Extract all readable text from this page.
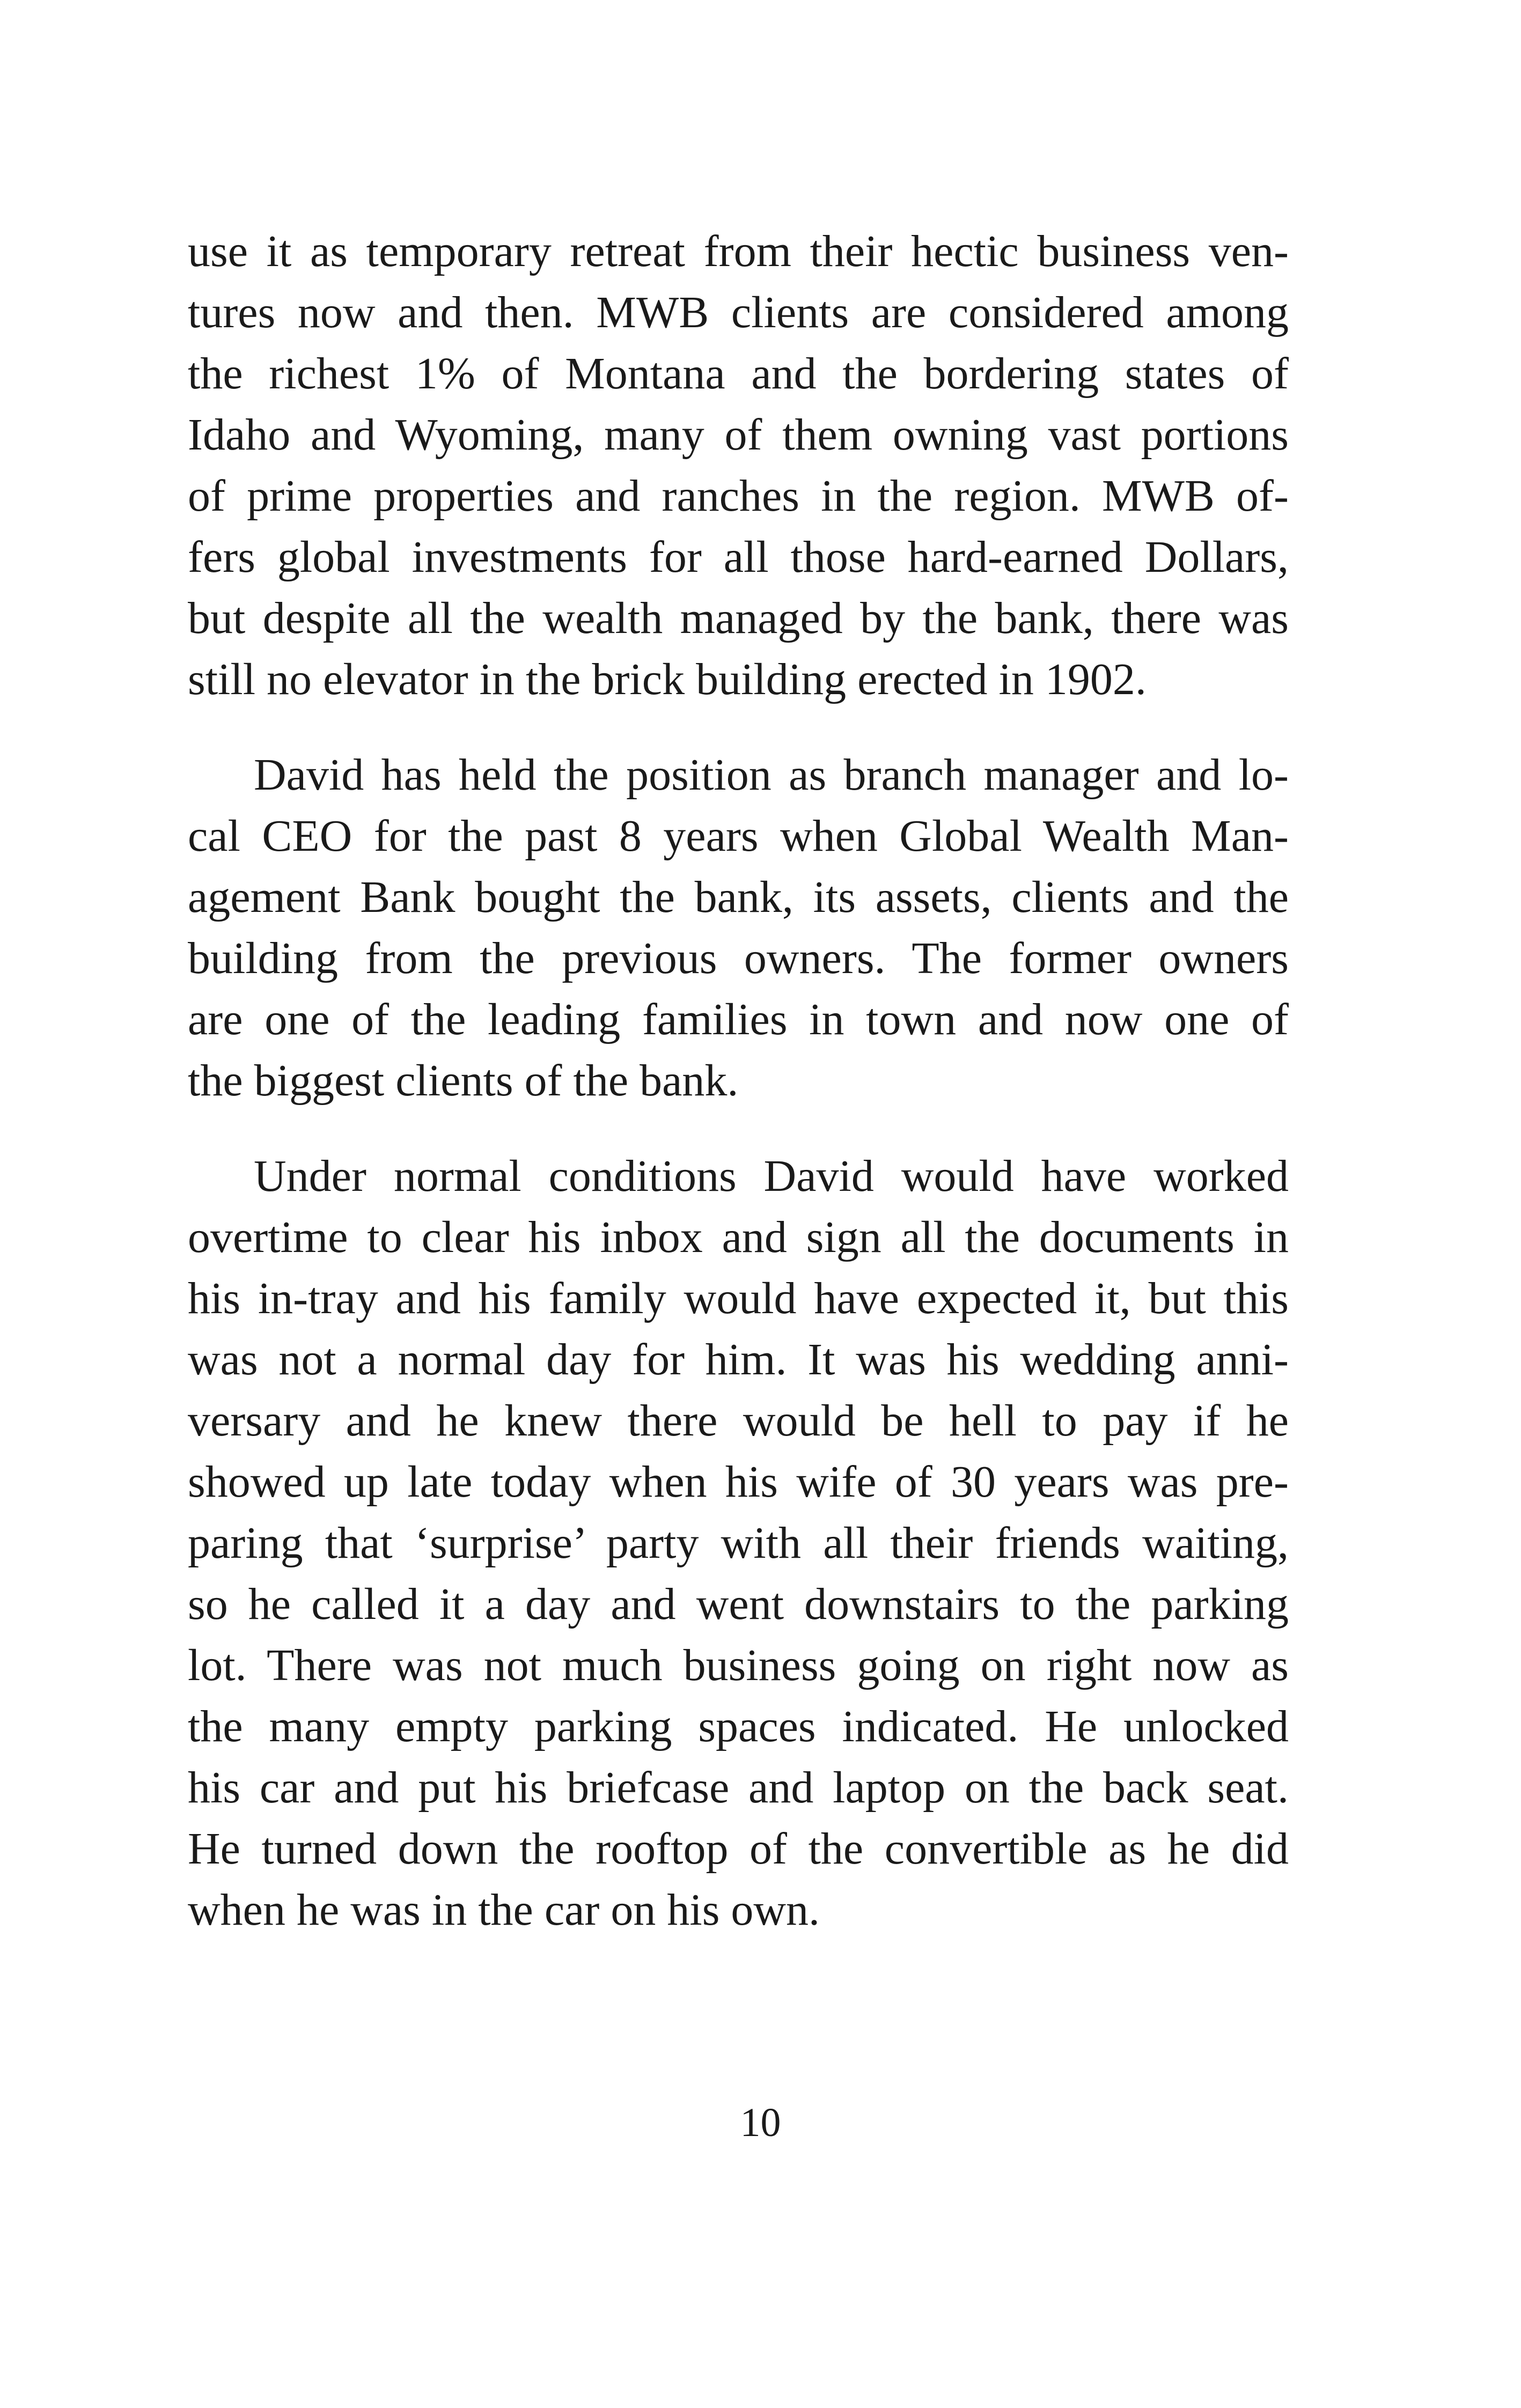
use it as temporary retreat from their hectic business ven-
tures now and then. MWB clients are considered among
the richest 1% of Montana and the bordering states of
Idaho and Wyoming, many of them owning vast portions
of prime properties and ranches in the region. MWB of-
fers global investments for all those hard-earned Dollars,
but despite all the wealth managed by the bank, there was
still no elevator in the brick building erected in 1902.
David has held the position as branch manager and lo-
cal CEO for the past 8 years when Global Wealth Man-
agement Bank bought the bank, its assets, clients and the
building from the previous owners. The former owners
are one of the leading families in town and now one of
the biggest clients of the bank.
Under normal conditions David would have worked
overtime to clear his inbox and sign all the documents in
his in-tray and his family would have expected it, but this
was not a normal day for him. It was his wedding anni-
versary and he knew there would be hell to pay if he
showed up late today when his wife of 30 years was pre-
paring that ‘surprise’ party with all their friends waiting,
so he called it a day and went downstairs to the parking
lot. There was not much business going on right now as
the many empty parking spaces indicated. He unlocked
his car and put his briefcase and laptop on the back seat.
He turned down the rooftop of the convertible as he did
when he was in the car on his own.
10
